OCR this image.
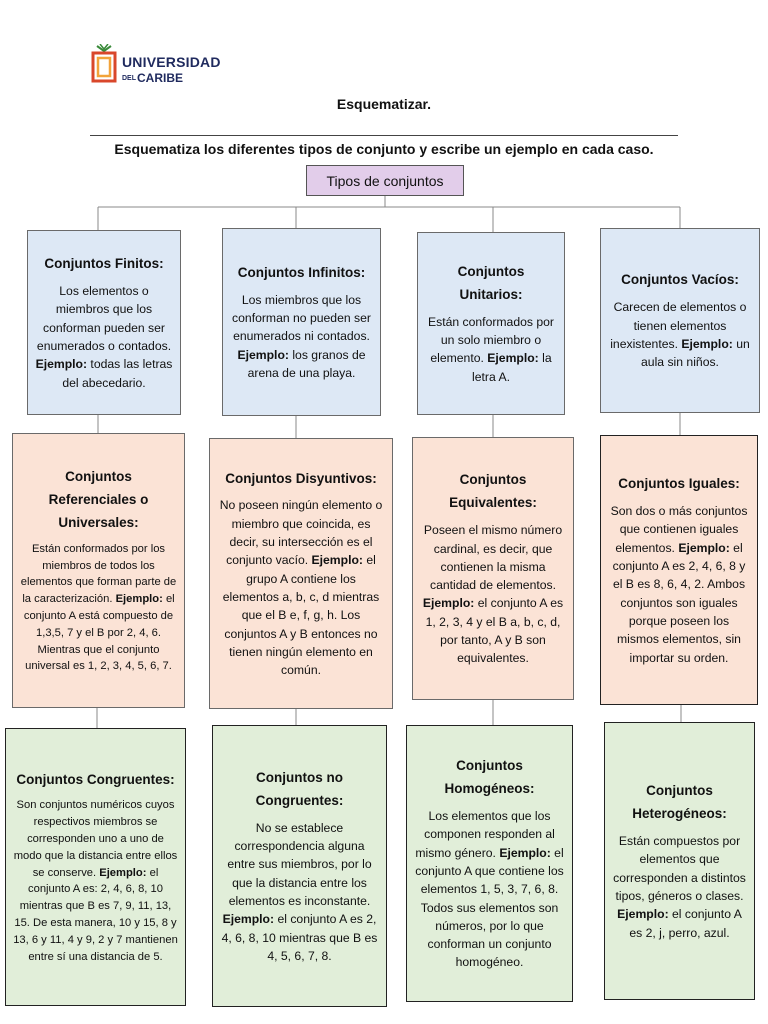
UNIVERSIDAD
DELCARIBE
Esquematizar.
Esquematiza los diferentes tipos de conjunto y escribe un ejemplo en cada caso.
Tipos de conjuntos
Conjuntos Finitos:

Los elementos o miembros que los conforman pueden ser enumerados o contados. Ejemplo: todas las letras del abecedario.

Conjuntos Infinitos:

Los miembros que los conforman no pueden ser enumerados ni contados. Ejemplo: los granos de arena de una playa.

Conjuntos Unitarios:

Están conformados por un solo miembro o elemento. Ejemplo: la letra A.

Conjuntos Vacíos:

Carecen de elementos o tienen elementos inexistentes. Ejemplo: un aula sin niños.

Conjuntos Referenciales o Universales:

Están conformados por los miembros de todos los elementos que forman parte de la caracterización. Ejemplo: el conjunto A está compuesto de 1,3,5, 7 y el B por 2, 4, 6. Mientras que el conjunto universal es 1, 2, 3, 4, 5, 6, 7.

Conjuntos Disyuntivos:

No poseen ningún elemento o miembro que coincida, es decir, su intersección es el conjunto vacío. Ejemplo: el grupo A contiene los elementos a, b, c, d mientras que el B e, f, g, h. Los conjuntos A y B entonces no tienen ningún elemento en común.

Conjuntos Equivalentes:

Poseen el mismo número cardinal, es decir, que contienen la misma cantidad de elementos. Ejemplo: el conjunto A es 1, 2, 3, 4 y el B a, b, c, d, por tanto, A y B son equivalentes.

Conjuntos Iguales:

Son dos o más conjuntos que contienen iguales elementos. Ejemplo: el conjunto A es 2, 4, 6, 8 y el B es 8, 6, 4, 2. Ambos conjuntos son iguales porque poseen los mismos elementos, sin importar su orden.

Conjuntos Congruentes:

Son conjuntos numéricos cuyos respectivos miembros se corresponden uno a uno de modo que la distancia entre ellos se conserve. Ejemplo: el conjunto A es: 2, 4, 6, 8, 10 mientras que B es 7, 9, 11, 13, 15. De esta manera, 10 y 15, 8 y 13, 6 y 11, 4 y 9, 2 y 7 mantienen entre sí una distancia de 5.

Conjuntos no Congruentes:

No se establece correspondencia alguna entre sus miembros, por lo que la distancia entre los elementos es inconstante. Ejemplo: el conjunto A es 2, 4, 6, 8, 10 mientras que B es 4, 5, 6, 7, 8.

Conjuntos Homogéneos:

Los elementos que los componen responden al mismo género. Ejemplo: el conjunto A que contiene los elementos 1, 5, 3, 7, 6, 8. Todos sus elementos son números, por lo que conforman un conjunto homogéneo.

Conjuntos Heterogéneos:

Están compuestos por elementos que corresponden a distintos tipos, géneros o clases. Ejemplo: el conjunto A es 2, j, perro, azul.
